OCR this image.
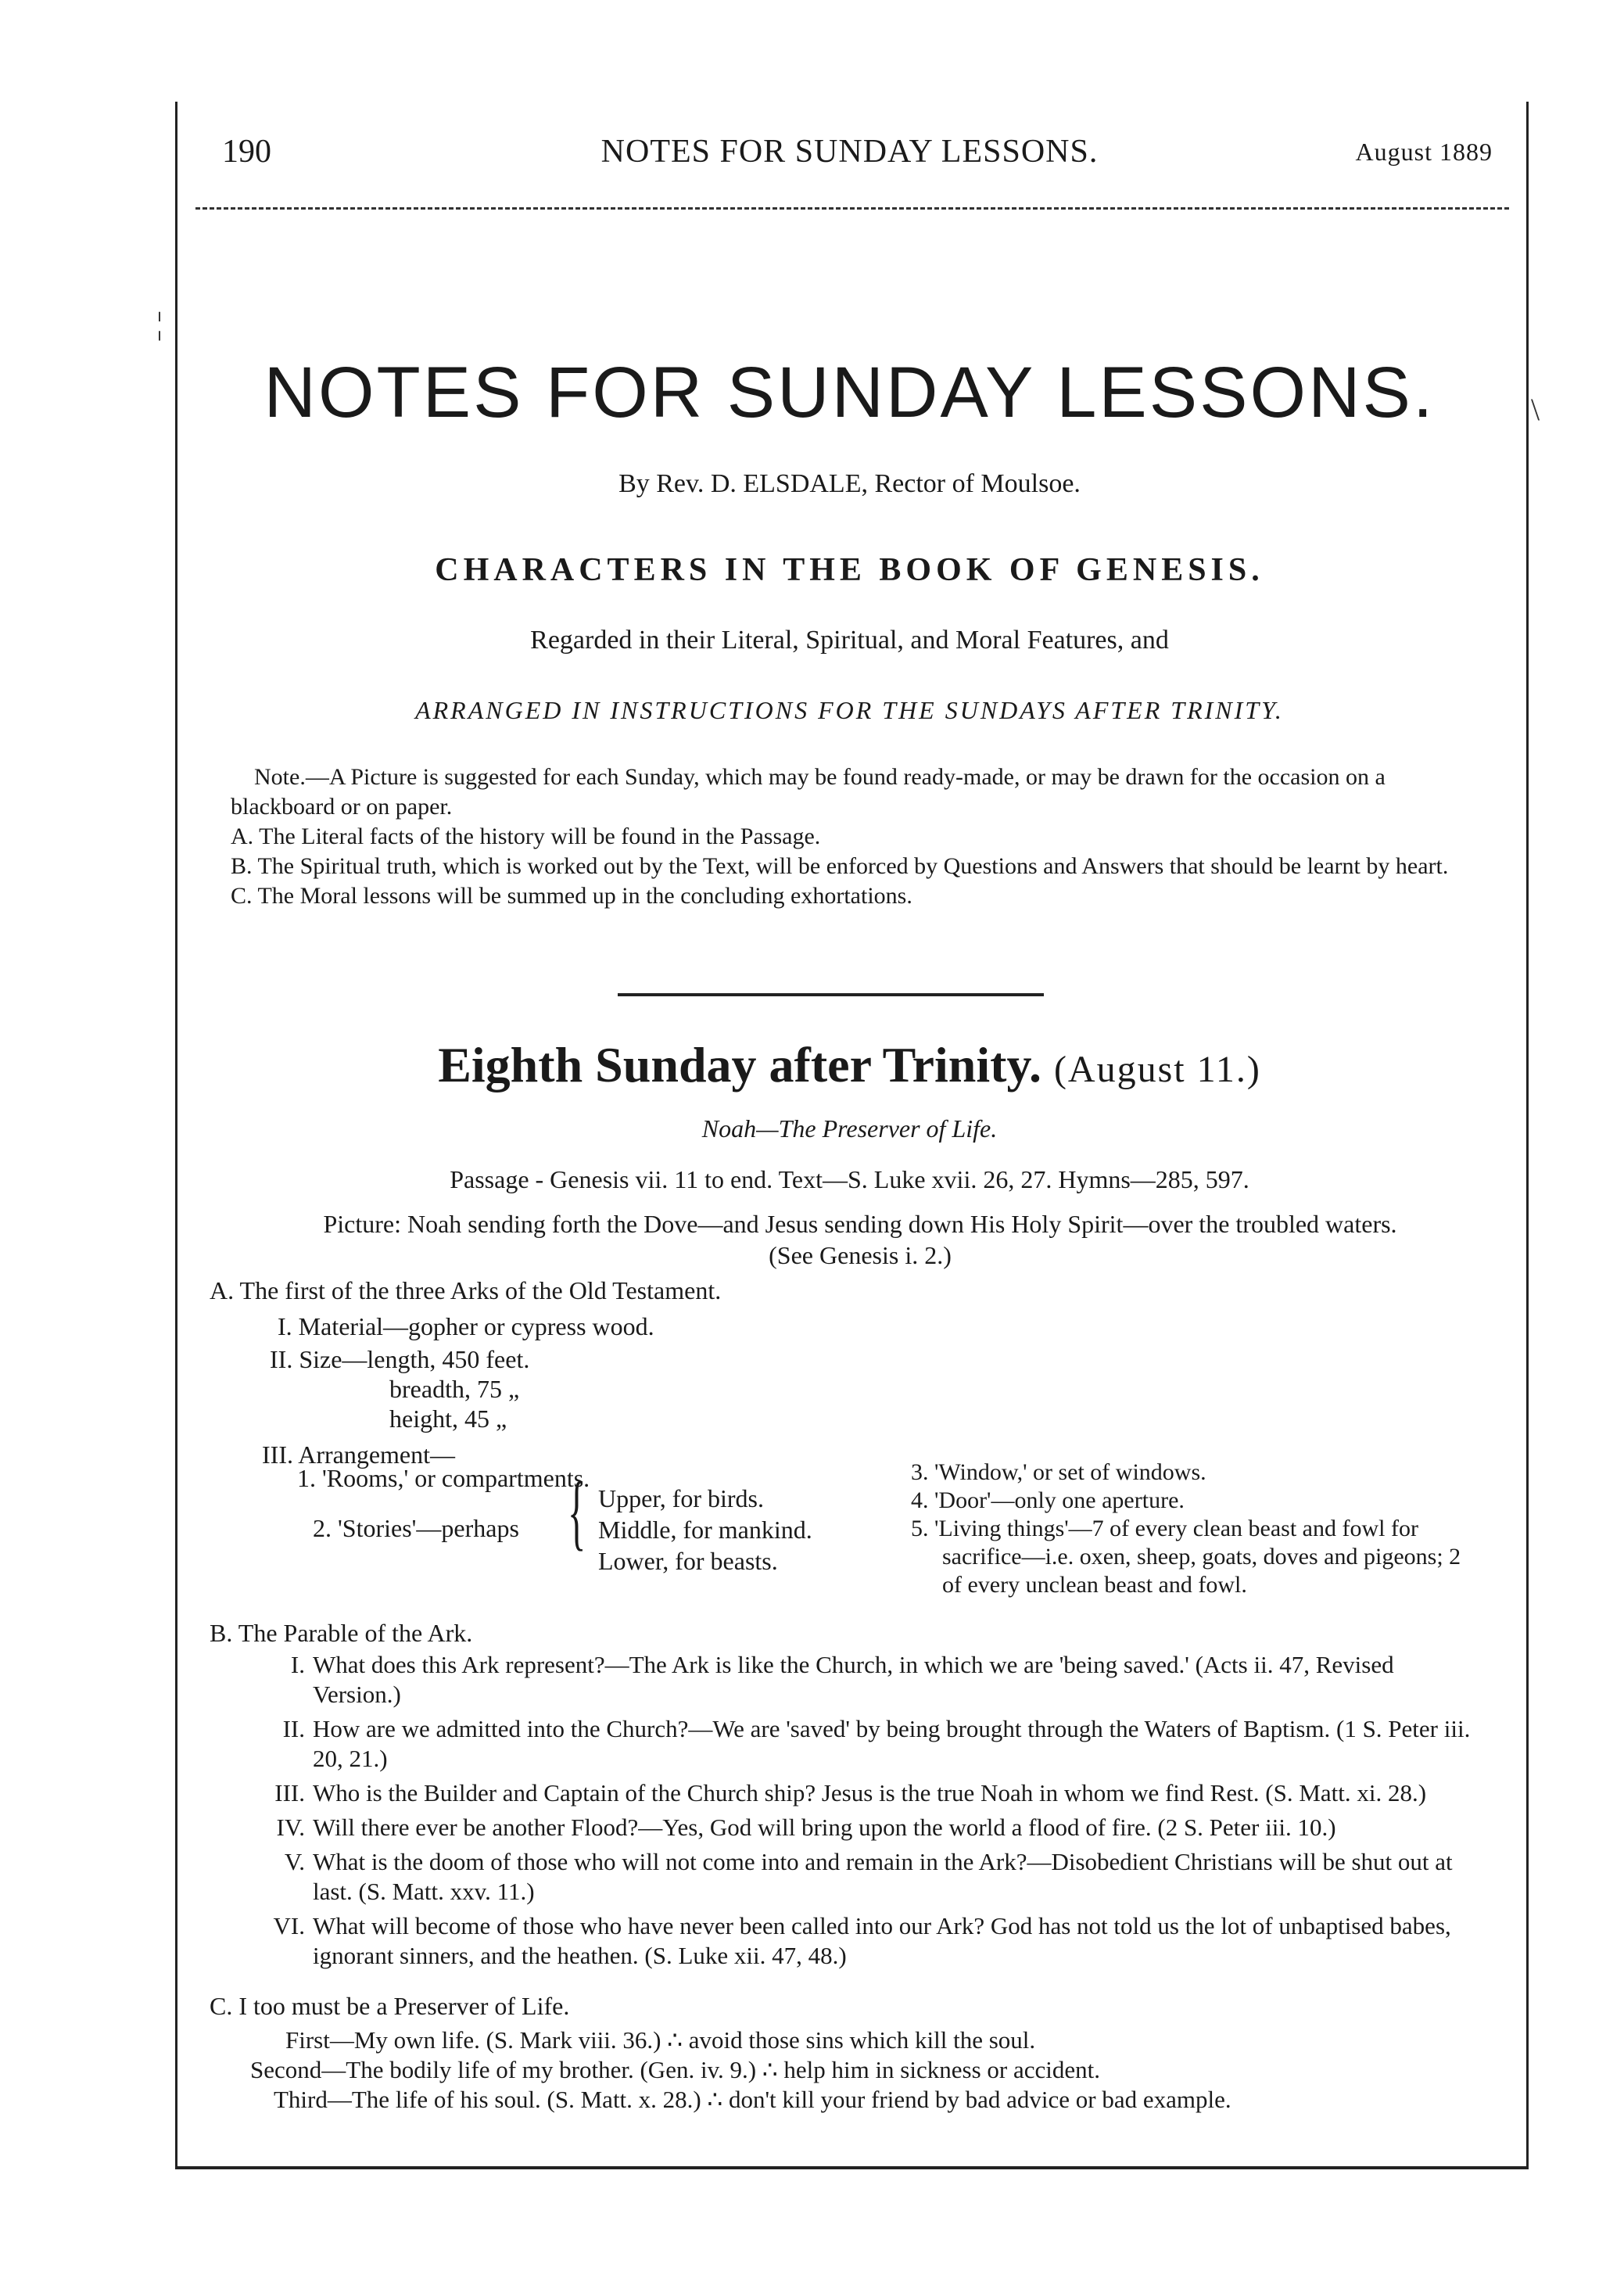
190	NOTES FOR SUNDAY LESSONS.	August 1889
¦
\
NOTES FOR SUNDAY LESSONS.
By Rev. D. ELSDALE, Rector of Moulsoe.
CHARACTERS IN THE BOOK OF GENESIS.
Regarded in their Literal, Spiritual, and Moral Features, and
ARRANGED IN INSTRUCTIONS FOR THE SUNDAYS AFTER TRINITY.

Note.—A Picture is suggested for each Sunday, which may be found ready-made, or may be drawn for the occasion on a blackboard or on paper.

A. The Literal facts of the history will be found in the Passage.

B. The Spiritual truth, which is worked out by the Text, will be enforced by Questions and Answers that should be learnt by heart.

C. The Moral lessons will be summed up in the concluding exhortations.

Eighth Sunday after Trinity. (August 11.)
Noah—The Preserver of Life.
Passage - Genesis vii. 11 to end. Text—S. Luke xvii. 26, 27. Hymns—285, 597.
Picture: Noah sending forth the Dove—and Jesus sending down His Holy Spirit—over the troubled waters.
(See Genesis i. 2.)
A. The first of the three Arks of the Old Testament.
I. Material—gopher or cypress wood.
II. Size—length, 450 feet.
breadth, 75 „
height, 45 „
III. Arrangement—
1. 'Rooms,' or compartments.
2. 'Stories'—perhaps { Upper, for birds.
Middle, for mankind.
Lower, for beasts.
3. 'Window,' or set of windows.
4. 'Door'—only one aperture.
5. 'Living things'—7 of every clean beast and fowl for sacrifice—i.e. oxen, sheep, goats, doves and pigeons; 2 of every unclean beast and fowl.
B. The Parable of the Ark.
I. What does this Ark represent?—The Ark is like the Church, in which we are 'being saved.' (Acts ii. 47, Revised Version.)
II. How are we admitted into the Church?—We are 'saved' by being brought through the Waters of Baptism. (1 S. Peter iii. 20, 21.)
III. Who is the Builder and Captain of the Church ship? Jesus is the true Noah in whom we find Rest. (S. Matt. xi. 28.)
IV. Will there ever be another Flood?—Yes, God will bring upon the world a flood of fire. (2 S. Peter iii. 10.)
V. What is the doom of those who will not come into and remain in the Ark?—Disobedient Christians will be shut out at last. (S. Matt. xxv. 11.)
VI. What will become of those who have never been called into our Ark? God has not told us the lot of unbaptised babes, ignorant sinners, and the heathen. (S. Luke xii. 47, 48.)
C. I too must be a Preserver of Life.
First—My own life. (S. Mark viii. 36.) ∴ avoid those sins which kill the soul.
Second—The bodily life of my brother. (Gen. iv. 9.) ∴ help him in sickness or accident.
Third—The life of his soul. (S. Matt. x. 28.) ∴ don't kill your friend by bad advice or bad example.
